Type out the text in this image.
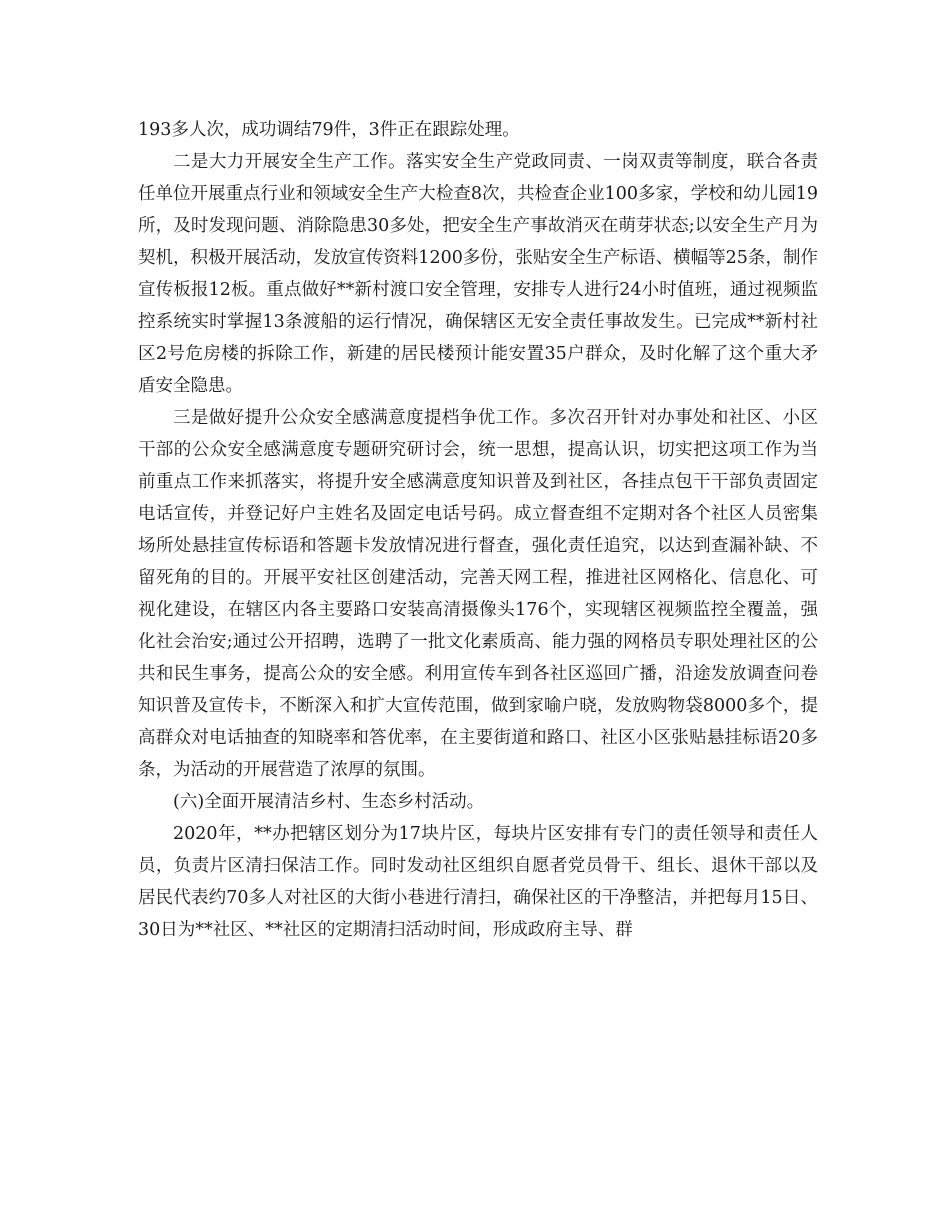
193多人次，成功调结79件，3件正在跟踪处理。

二是大力开展安全生产工作。落实安全生产党政同责、一岗双责等制度，联合各责任单位开展重点行业和领域安全生产大检查8次，共检查企业100多家，学校和幼儿园19所，及时发现问题、消除隐患30多处，把安全生产事故消灭在萌芽状态;以安全生产月为契机，积极开展活动，发放宣传资料1200多份，张贴安全生产标语、横幅等25条，制作宣传板报12板。重点做好**新村渡口安全管理，安排专人进行24小时值班，通过视频监控系统实时掌握13条渡船的运行情况，确保辖区无安全责任事故发生。已完成**新村社区2号危房楼的拆除工作，新建的居民楼预计能安置35户群众，及时化解了这个重大矛盾安全隐患。

三是做好提升公众安全感满意度提档争优工作。多次召开针对办事处和社区、小区干部的公众安全感满意度专题研究研讨会，统一思想，提高认识，切实把这项工作为当前重点工作来抓落实，将提升安全感满意度知识普及到社区，各挂点包干干部负责固定电话宣传，并登记好户主姓名及固定电话号码。成立督查组不定期对各个社区人员密集场所处悬挂宣传标语和答题卡发放情况进行督查，强化责任追究，以达到查漏补缺、不留死角的目的。开展平安社区创建活动，完善天网工程，推进社区网格化、信息化、可视化建设，在辖区内各主要路口安装高清摄像头176个，实现辖区视频监控全覆盖，强化社会治安;通过公开招聘，选聘了一批文化素质高、能力强的网格员专职处理社区的公共和民生事务，提高公众的安全感。利用宣传车到各社区巡回广播，沿途发放调查问卷知识普及宣传卡，不断深入和扩大宣传范围，做到家喻户晓，发放购物袋8000多个，提高群众对电话抽查的知晓率和答优率，在主要街道和路口、社区小区张贴悬挂标语20多条，为活动的开展营造了浓厚的氛围。

(六)全面开展清洁乡村、生态乡村活动。

2020年，**办把辖区划分为17块片区，每块片区安排有专门的责任领导和责任人员，负责片区清扫保洁工作。同时发动社区组织自愿者党员骨干、组长、退休干部以及居民代表约70多人对社区的大街小巷进行清扫，确保社区的干净整洁，并把每月15日、30日为**社区、**社区的定期清扫活动时间，形成政府主导、群
